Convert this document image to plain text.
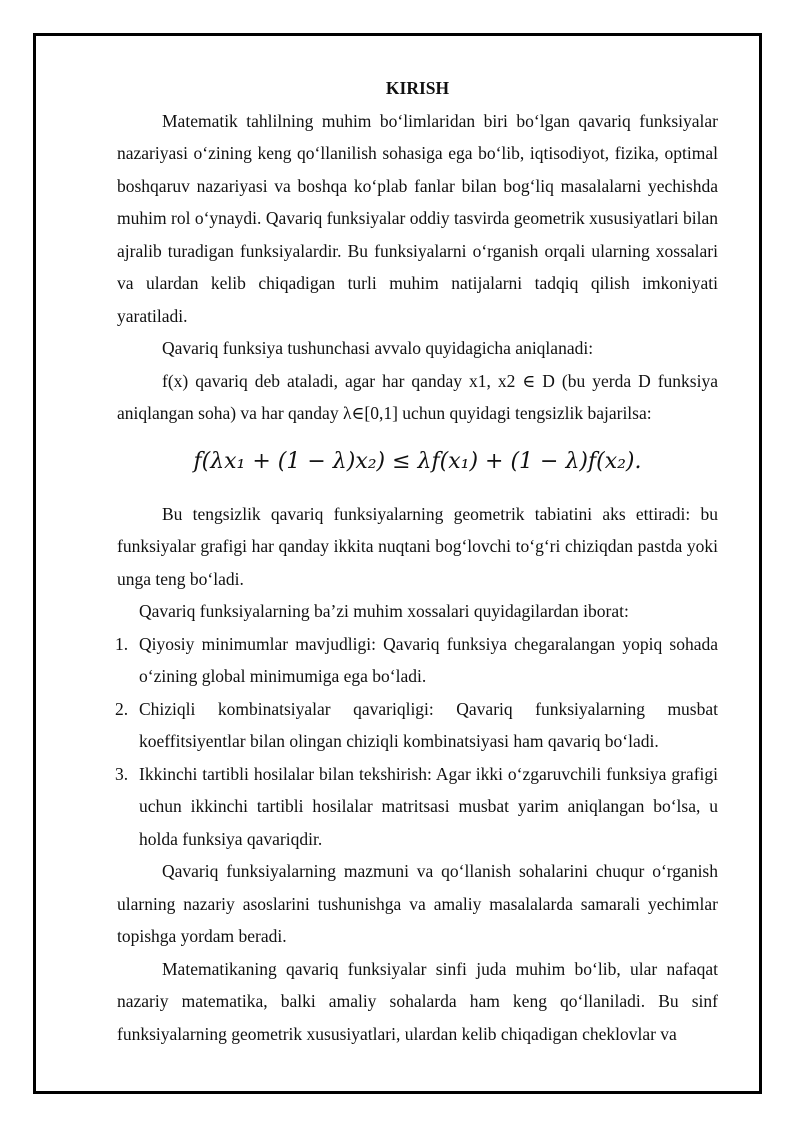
KIRISH

Matematik tahlilning muhim bo‘limlaridan biri bo‘lgan qavariq funksiyalar nazariyasi o‘zining keng qo‘llanilish sohasiga ega bo‘lib, iqtisodiyot, fizika, optimal boshqaruv nazariyasi va boshqa ko‘plab fanlar bilan bog‘liq masalalarni yechishda muhim rol o‘ynaydi. Qavariq funksiyalar oddiy tasvirda geometrik xususiyatlari bilan ajralib turadigan funksiyalardir. Bu funksiyalarni o‘rganish orqali ularning xossalari va ulardan kelib chiqadigan turli muhim natijalarni tadqiq qilish imkoniyati yaratiladi.

Qavariq funksiya tushunchasi avvalo quyidagicha aniqlanadi:

f(x) qavariq deb ataladi, agar har qanday x1, x2 ∈ D (bu yerda D funksiya aniqlangan soha) va har qanday λ∈[0,1] uchun quyidagi tengsizlik bajarilsa:

f(λx₁ + (1 − λ)x₂) ≤ λf(x₁) + (1 − λ)f(x₂).

Bu tengsizlik qavariq funksiyalarning geometrik tabiatini aks ettiradi: bu funksiyalar grafigi har qanday ikkita nuqtani bog‘lovchi to‘g‘ri chiziqdan pastda yoki unga teng bo‘ladi.

Qavariq funksiyalarning ba’zi muhim xossalari quyidagilardan iborat:

1. Qiyosiy minimumlar mavjudligi: Qavariq funksiya chegaralangan yopiq sohada o‘zining global minimumiga ega bo‘ladi.
2. Chiziqli kombinatsiyalar qavariqligi: Qavariq funksiyalarning musbat koeffitsiyentlar bilan olingan chiziqli kombinatsiyasi ham qavariq bo‘ladi.
3. Ikkinchi tartibli hosilalar bilan tekshirish: Agar ikki o‘zgaruvchili funksiya grafigi uchun ikkinchi tartibli hosilalar matritsasi musbat yarim aniqlangan bo‘lsa, u holda funksiya qavariqdir.

Qavariq funksiyalarning mazmuni va qo‘llanish sohalarini chuqur o‘rganish ularning nazariy asoslarini tushunishga va amaliy masalalarda samarali yechimlar topishga yordam beradi.

Matematikaning qavariq funksiyalar sinfi juda muhim bo‘lib, ular nafaqat nazariy matematika, balki amaliy sohalarda ham keng qo‘llaniladi. Bu sinf funksiyalarning geometrik xususiyatlari, ulardan kelib chiqadigan cheklovlar va
